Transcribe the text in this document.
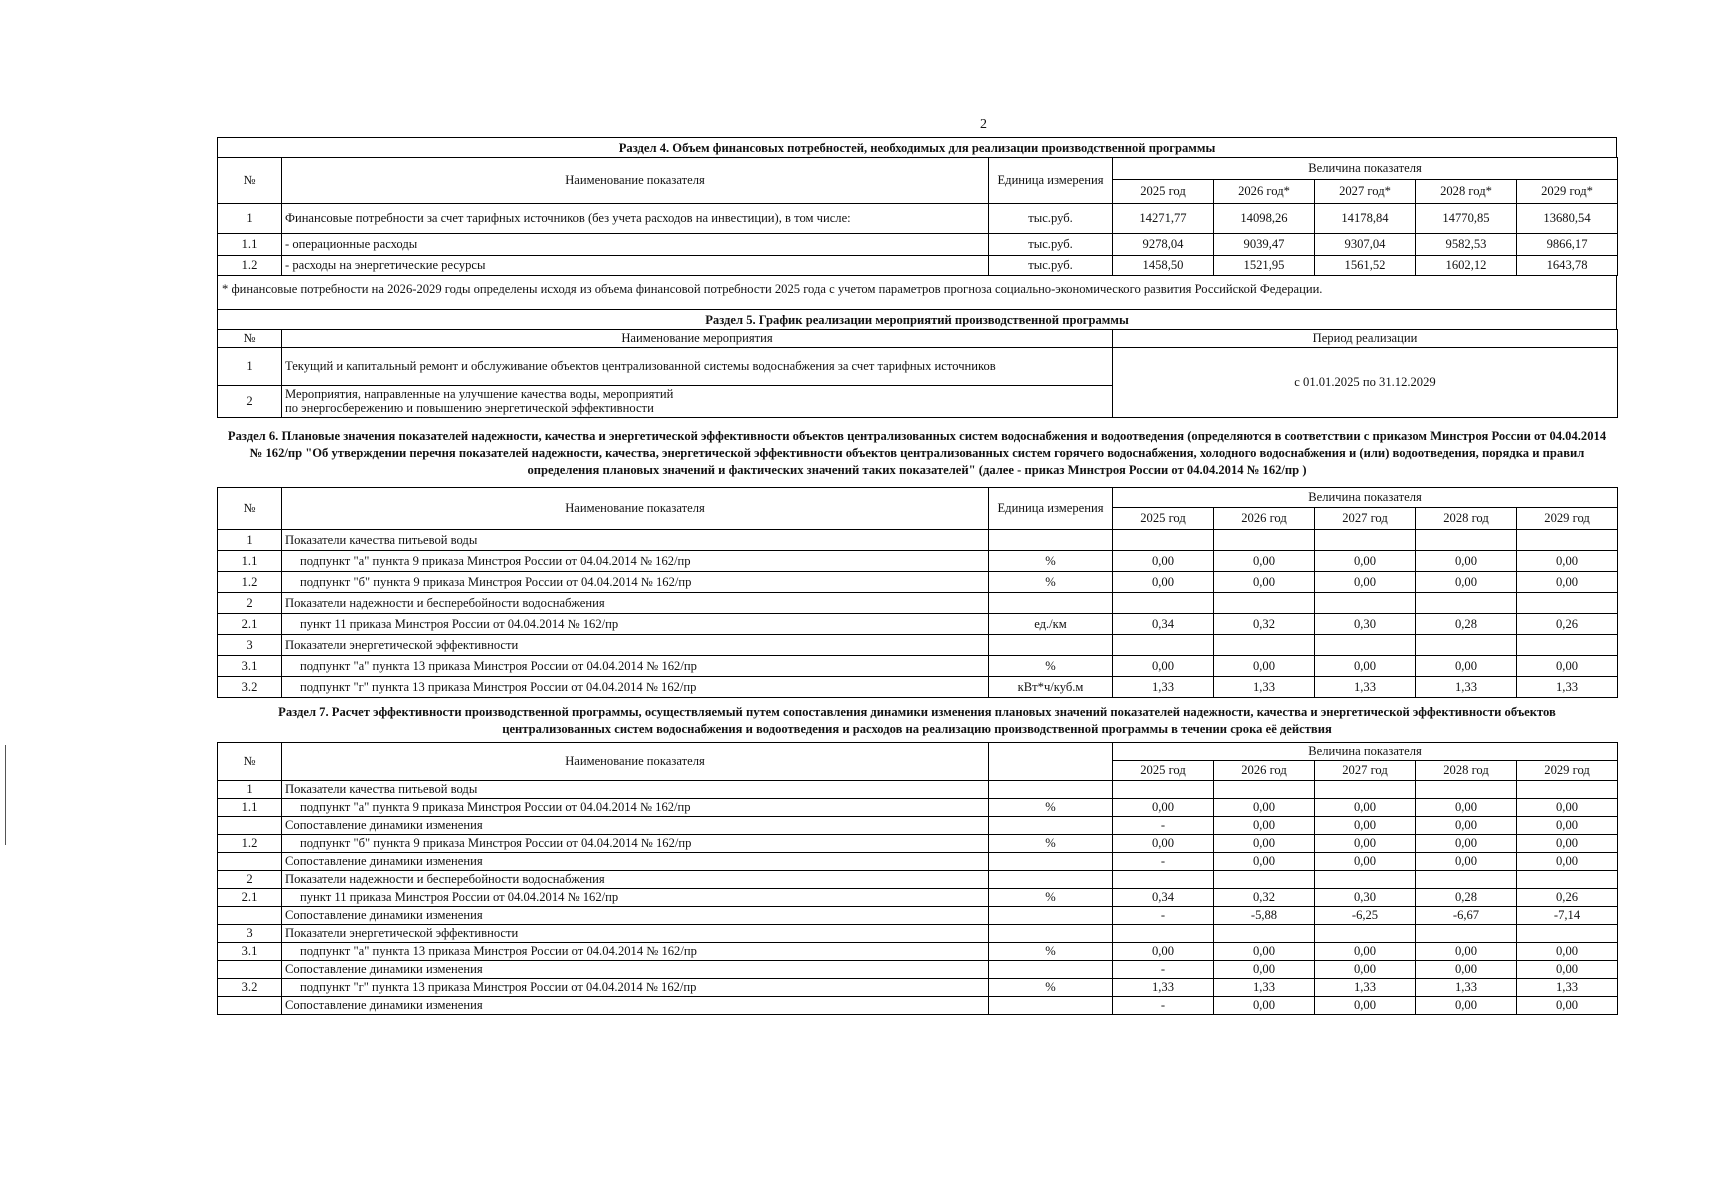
2
Раздел 4. Объем финансовых потребностей, необходимых для реализации производственной программы
№	Наименование показателя	Единица измерения	Величина показателя				
			2025 год	2026 год*	2027 год*	2028 год*	2029 год*
1	Финансовые потребности за счет тарифных источников (без учета расходов на инвестиции), в том числе:	тыс.руб.	14271,77	14098,26	14178,84	14770,85	13680,54
1.1	- операционные расходы	тыс.руб.	9278,04	9039,47	9307,04	9582,53	9866,17
1.2	- расходы на энергетические ресурсы	тыс.руб.	1458,50	1521,95	1561,52	1602,12	1643,78
* финансовые потребности на 2026-2029 годы определены исходя из объема финансовой потребности 2025 года с учетом параметров прогноза социально-экономического развития Российской Федерации.
Раздел 5. График реализации мероприятий производственной программы
№	Наименование мероприятия	Период реализации
1	Текущий и капитальный ремонт и обслуживание объектов централизованной системы водоснабжения за счет тарифных источников	с 01.01.2025 по 31.12.2029
2	Мероприятия, направленные на улучшение качества воды, мероприятий
по энергосбережению и повышению энергетической эффективности	
Раздел 6. Плановые значения показателей надежности, качества и энергетической эффективности объектов централизованных систем водоснабжения и водоотведения (определяются в соответствии с приказом Минстроя России от 04.04.2014 № 162/пр "Об утверждении перечня показателей надежности, качества, энергетической эффективности объектов централизованных систем горячего водоснабжения, холодного водоснабжения и (или) водоотведения, порядка и правил определения плановых значений и фактических значений таких показателей" (далее - приказ Минстроя России от 04.04.2014 № 162/пр )
№	Наименование показателя	Единица измерения	Величина показателя				
			2025 год	2026 год	2027 год	2028 год	2029 год
1	Показатели качества питьевой воды						
1.1	подпункт "а" пункта 9 приказа Минстроя России от 04.04.2014 № 162/пр	%	0,00	0,00	0,00	0,00	0,00
1.2	подпункт "б" пункта 9 приказа Минстроя России от 04.04.2014 № 162/пр	%	0,00	0,00	0,00	0,00	0,00
2	Показатели надежности и бесперебойности водоснабжения						
2.1	пункт 11 приказа Минстроя России от 04.04.2014 № 162/пр	ед./км	0,34	0,32	0,30	0,28	0,26
3	Показатели энергетической эффективности						
3.1	подпункт "а" пункта 13 приказа Минстроя России от 04.04.2014 № 162/пр	%	0,00	0,00	0,00	0,00	0,00
3.2	подпункт "г" пункта 13 приказа Минстроя России от 04.04.2014 № 162/пр	кВт*ч/куб.м	1,33	1,33	1,33	1,33	1,33
Раздел 7. Расчет эффективности производственной программы, осуществляемый путем сопоставления динамики изменения плановых значений показателей надежности, качества и энергетической эффективности объектов централизованных систем водоснабжения и водоотведения и расходов на реализацию производственной программы в течении срока её действия
№	Наименование показателя		Величина показателя				
			2025 год	2026 год	2027 год	2028 год	2029 год
1	Показатели качества питьевой воды						
1.1	подпункт "а" пункта 9 приказа Минстроя России от 04.04.2014 № 162/пр	%	0,00	0,00	0,00	0,00	0,00
	Сопоставление динамики изменения		-	0,00	0,00	0,00	0,00
1.2	подпункт "б" пункта 9 приказа Минстроя России от 04.04.2014 № 162/пр	%	0,00	0,00	0,00	0,00	0,00
	Сопоставление динамики изменения		-	0,00	0,00	0,00	0,00
2	Показатели надежности и бесперебойности водоснабжения						
2.1	пункт 11 приказа Минстроя России от 04.04.2014 № 162/пр	%	0,34	0,32	0,30	0,28	0,26
	Сопоставление динамики изменения		-	-5,88	-6,25	-6,67	-7,14
3	Показатели энергетической эффективности						
3.1	подпункт "а" пункта 13 приказа Минстроя России от 04.04.2014 № 162/пр	%	0,00	0,00	0,00	0,00	0,00
	Сопоставление динамики изменения		-	0,00	0,00	0,00	0,00
3.2	подпункт "г" пункта 13 приказа Минстроя России от 04.04.2014 № 162/пр	%	1,33	1,33	1,33	1,33	1,33
	Сопоставление динамики изменения		-	0,00	0,00	0,00	0,00
